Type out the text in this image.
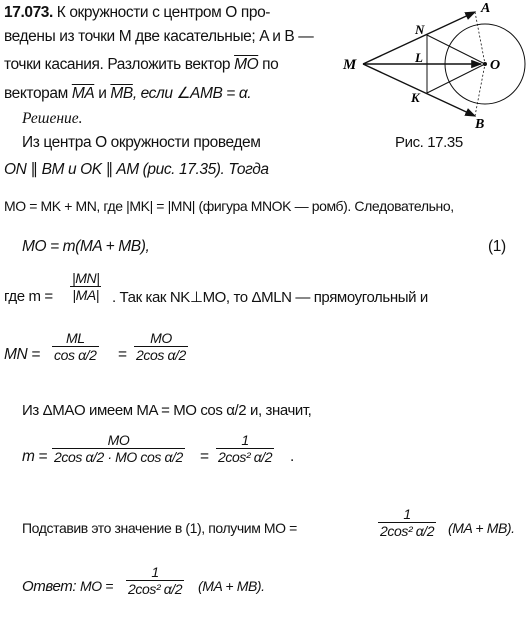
17.073. К окружности с центром O про-
ведены из точки M две касательные; A и B —
точки касания. Разложить вектор $\overline{MO}$ по
векторам $\overline{MA}$ и $\overline{MB}$, если ∠AMB = α.
Решение.
Из центра O окружности проведем
ON ∥ BM и OK ∥ AM (рис. 17.35). Тогда
MO = MK + MN, где |MK| = |MN| (фигура MNOK — ромб). Следовательно,
MO = m(MA + MB),	(1)
где $m = \frac{|MN|}{|MA|}$ . Так как NK⊥MO, то ΔMLN — прямоугольный и
MN = $\frac{ML}{\text{cos α/2}} = \frac{MO}{\text{2cos α/2}}$
Из ΔMAO имеем MA = MO cos α/2 и, значит,
$m = \frac{MO}{\text{2cos α/2 · MO cos α/2}} = \frac{1}{\text{2cos² α/2}}$ .
Подставив это значение в (1), получим MO =	$\frac{1}{\text{2cos² α/2}} (MA + MB)$.
Ответ: MO = $\frac{1}{\text{2cos² α/2}} (MA + MB)$.
A
B
M
N
K
L
O
Рис. 17.35
